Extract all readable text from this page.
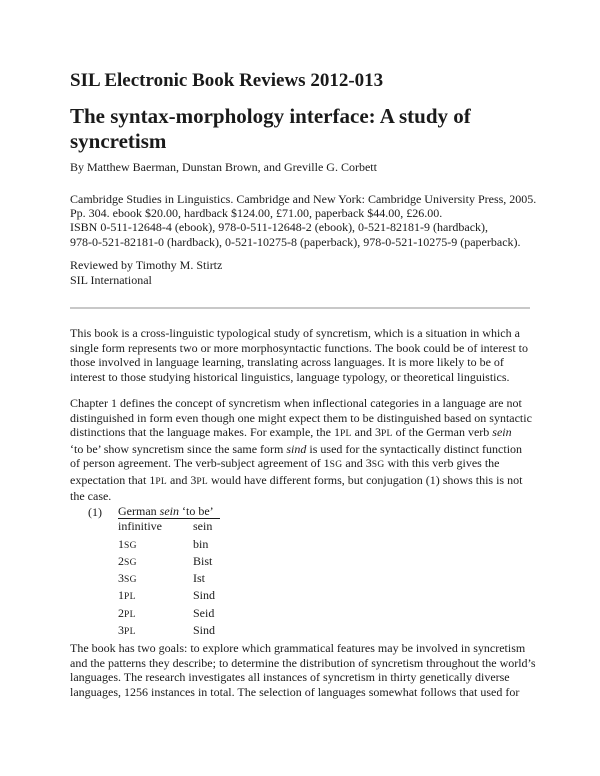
SIL Electronic Book Reviews 2012-013
The syntax-morphology interface: A study of syncretism

By Matthew Baerman, Dunstan Brown, and Greville G. Corbett

Cambridge Studies in Linguistics. Cambridge and New York: Cambridge University Press, 2005.
Pp. 304. ebook $20.00, hardback $124.00, £71.00, paperback $44.00, £26.00.
ISBN 0-511-12648-4 (ebook), 978-0-511-12648-2 (ebook), 0-521-82181-9 (hardback),
978-0-521-82181-0 (hardback), 0-521-10275-8 (paperback), 978-0-521-10275-9 (paperback).
Reviewed by Timothy M. Stirtz
SIL International
This book is a cross-linguistic typological study of syncretism, which is a situation in which a
single form represents two or more morphosyntactic functions. The book could be of interest to
those involved in language learning, translating across languages. It is more likely to be of
interest to those studying historical linguistics, language typology, or theoretical linguistics.
Chapter 1 defines the concept of syncretism when inflectional categories in a language are not
distinguished in form even though one might expect them to be distinguished based on syntactic
distinctions that the language makes. For example, the 1PL and 3PL of the German verb sein
‘to be’ show syncretism since the same form sind is used for the syntactically distinct function
of person agreement. The verb-subject agreement of 1SG and 3SG with this verb gives the
expectation that 1PL and 3PL would have different forms, but conjugation (1) shows this is not
the case.
(1) German sein ‘to be’	
infinitive	sein
1SG	bin
2SG	Bist
3SG	Ist
1PL	Sind
2PL	Seid
3PL	Sind
The book has two goals: to explore which grammatical features may be involved in syncretism
and the patterns they describe; to determine the distribution of syncretism throughout the world’s
languages. The research investigates all instances of syncretism in thirty genetically diverse
languages, 1256 instances in total. The selection of languages somewhat follows that used for
